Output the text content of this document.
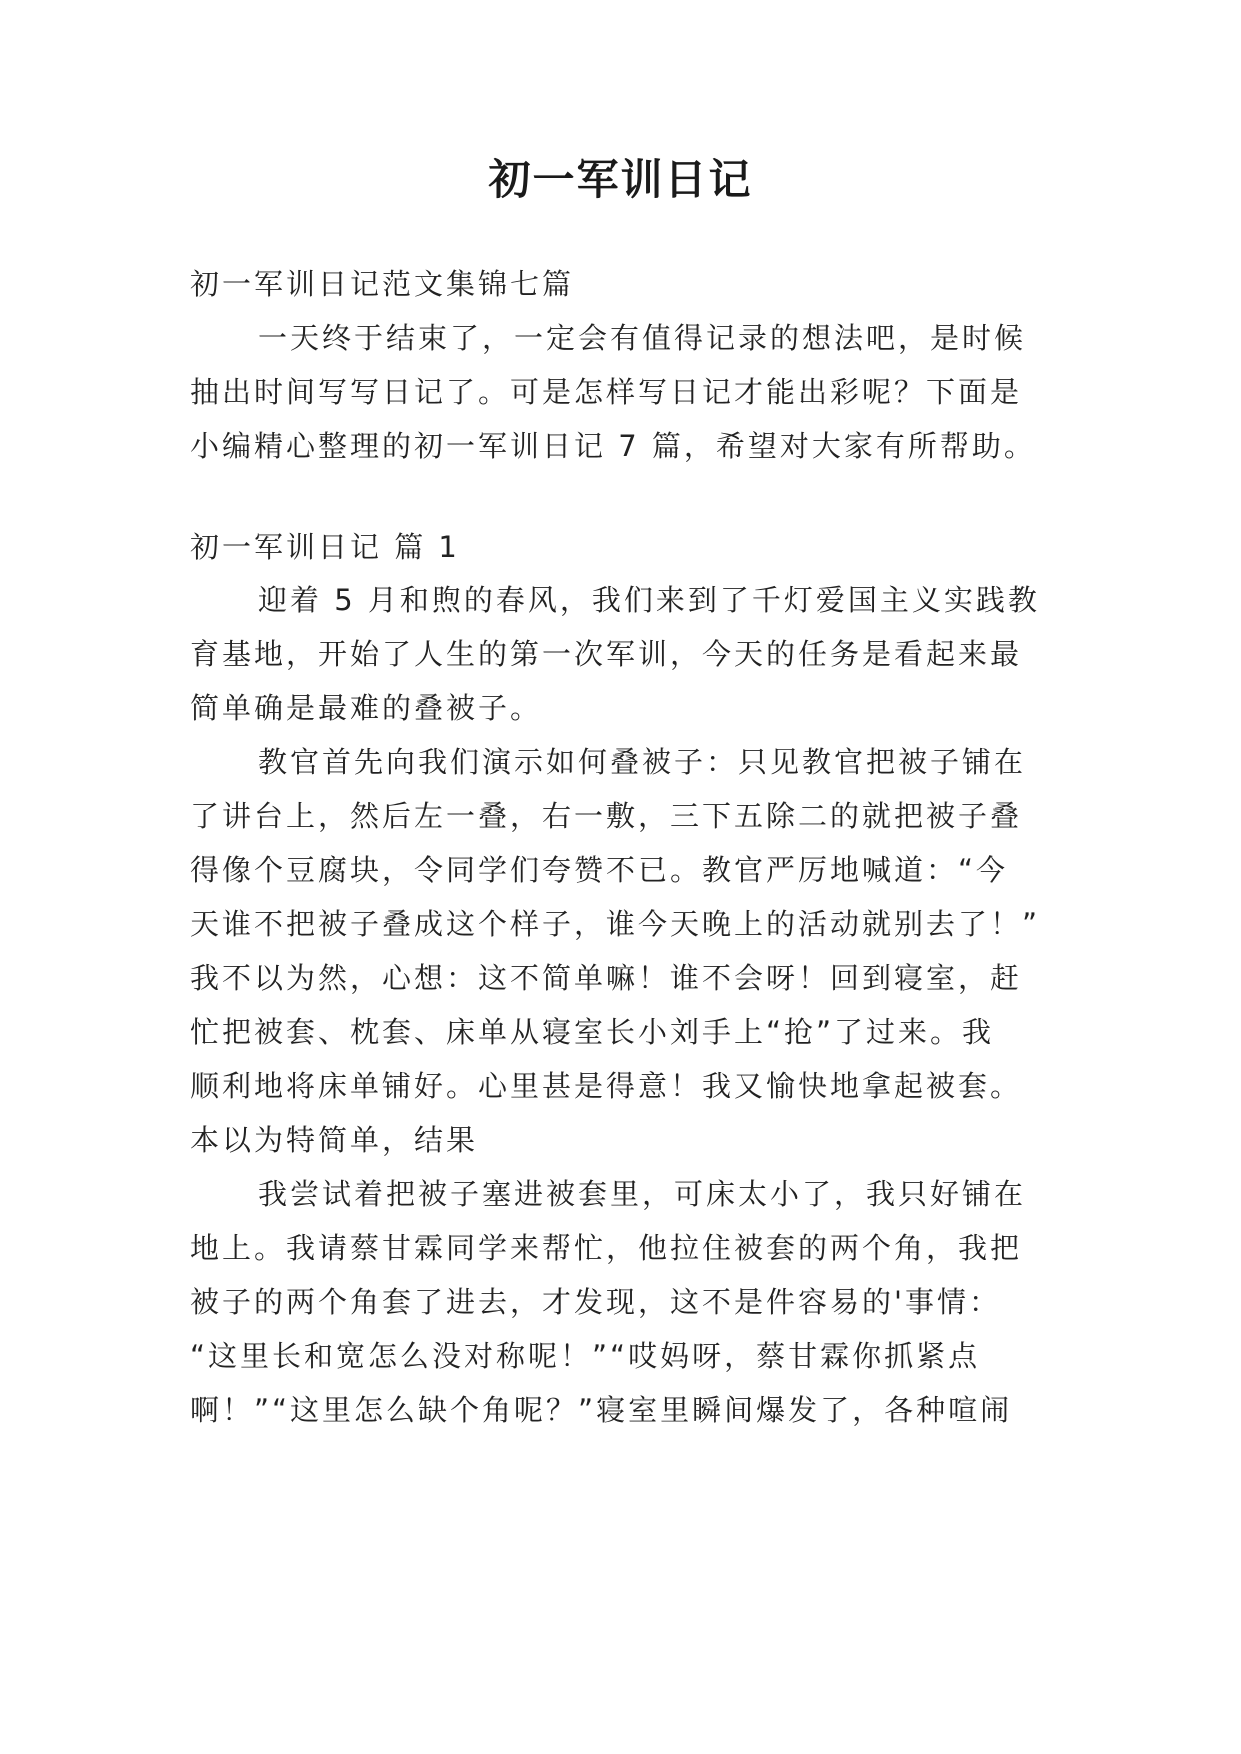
初一军训日记
初一军训日记范文集锦七篇
一天终于结束了，一定会有值得记录的想法吧，是时候
抽出时间写写日记了。可是怎样写日记才能出彩呢？下面是
小编精心整理的初一军训日记 7 篇，希望对大家有所帮助。
初一军训日记 篇 1
迎着 5 月和煦的春风，我们来到了千灯爱国主义实践教
育基地，开始了人生的第一次军训，今天的任务是看起来最
简单确是最难的叠被子。
教官首先向我们演示如何叠被子：只见教官把被子铺在
了讲台上，然后左一叠，右一敷，三下五除二的就把被子叠
得像个豆腐块，令同学们夸赞不已。教官严厉地喊道：“今
天谁不把被子叠成这个样子，谁今天晚上的活动就别去了！”
我不以为然，心想：这不简单嘛！谁不会呀！回到寝室，赶
忙把被套、枕套、床单从寝室长小刘手上“抢”了过来。我
顺利地将床单铺好。心里甚是得意！我又愉快地拿起被套。
本以为特简单，结果
我尝试着把被子塞进被套里，可床太小了，我只好铺在
地上。我请蔡甘霖同学来帮忙，他拉住被套的两个角，我把
被子的两个角套了进去，才发现，这不是件容易的'事情：
“这里长和宽怎么没对称呢！”“哎妈呀，蔡甘霖你抓紧点
啊！”“这里怎么缺个角呢？”寝室里瞬间爆发了，各种喧闹
